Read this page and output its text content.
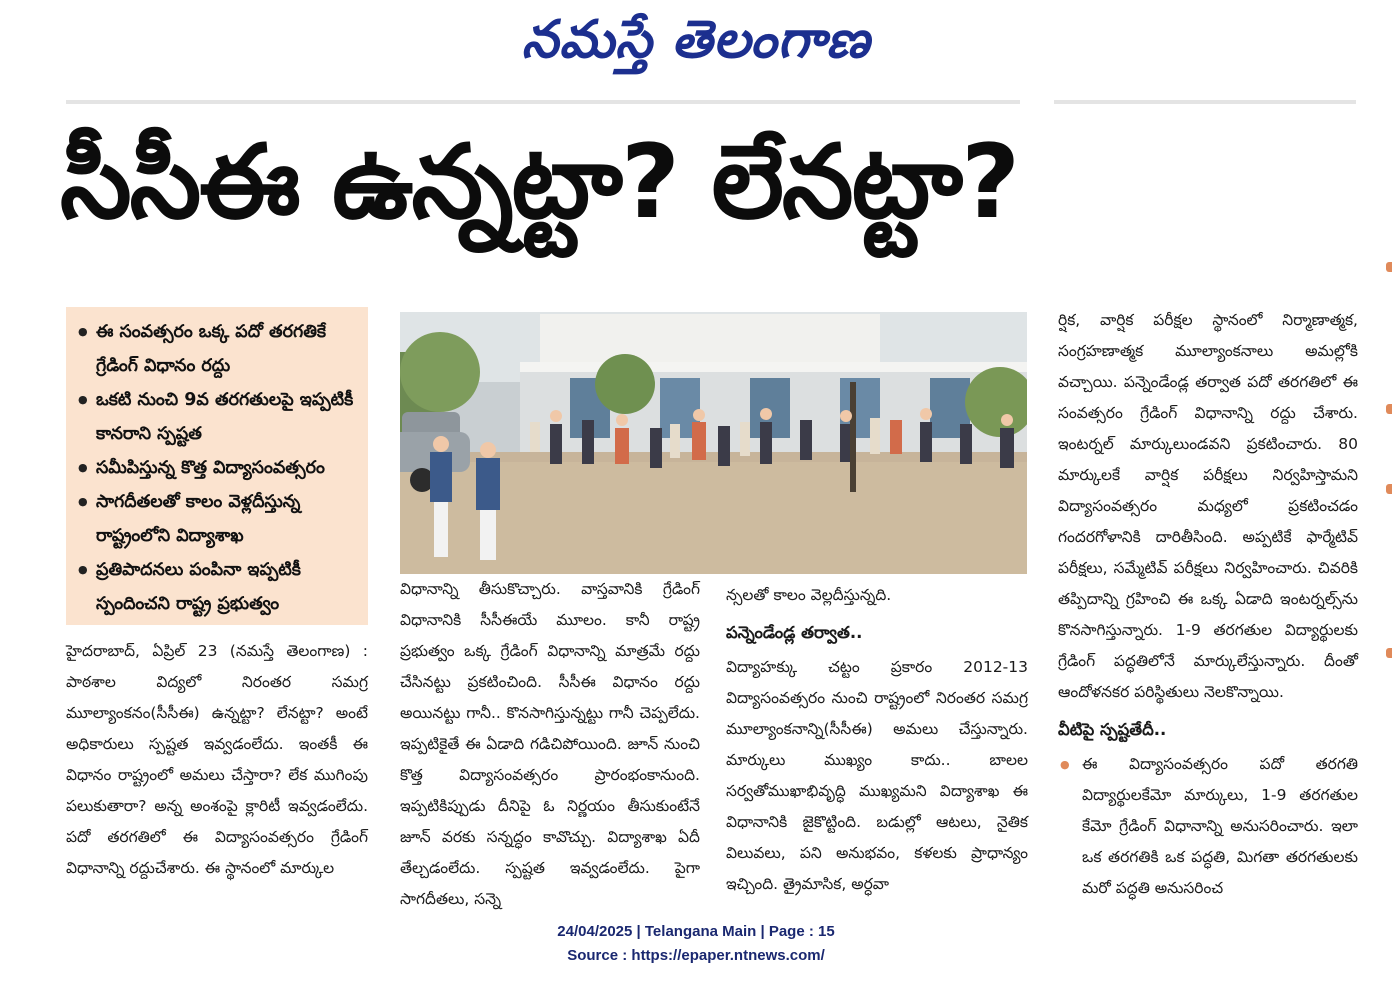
నమస్తే తెలంగాణ
సీసీఈ ఉన్నట్టా? లేనట్టా?
● ఈ సంవత్సరం ఒక్క పదో తరగతికే గ్రేడింగ్ విధానం రద్దు
● ఒకటి నుంచి 9వ తరగతులపై ఇప్పటికీ కానరాని స్పష్టత
● సమీపిస్తున్న కొత్త విద్యాసంవత్సరం
● సాగదీతలతో కాలం వెళ్లదీస్తున్న రాష్ట్రంలోని విద్యాశాఖ
● ప్రతిపాదనలు పంపినా ఇప్పటికీ స్పందించని రాష్ట్ర ప్రభుత్వం

హైదరాబాద్, ఏప్రిల్ 23 (నమస్తే తెలంగాణ) : పాఠశాల విద్యలో నిరంతర సమగ్ర మూల్యాంకనం(సీసీఈ) ఉన్నట్టా? లేనట్టా? అంటే అధికారులు స్పష్టత ఇవ్వడంలేదు. ఇంతకీ ఈ విధానం రాష్ట్రంలో అమలు చేస్తారా? లేక ముగింపు పలుకుతారా? అన్న అంశంపై క్లారిటీ ఇవ్వడంలేదు. పదో తరగతిలో ఈ విద్యాసంవత్సరం గ్రేడింగ్ విధానాన్ని రద్దుచేశారు. ఈ స్థానంలో మార్కుల

విధానాన్ని తీసుకొచ్చారు. వాస్తవానికి గ్రేడింగ్ విధానానికి సీసీఈయే మూలం. కానీ రాష్ట్ర ప్రభుత్వం ఒక్క గ్రేడింగ్ విధానాన్ని మాత్రమే రద్దు చేసినట్టు ప్రకటించింది. సీసీఈ విధానం రద్దు అయినట్టు గానీ.. కొనసాగిస్తున్నట్టు గానీ చెప్పలేదు. ఇప్పటికైతే ఈ ఏడాది గడిచిపోయింది. జూన్ నుంచి కొత్త విద్యాసంవత్సరం ప్రారంభంకానుంది. ఇప్పటికిప్పుడు దీనిపై ఓ నిర్ణయం తీసుకుంటేనే జూన్ వరకు సన్నద్ధం కావొచ్చు. విద్యాశాఖ ఏదీ తేల్చడంలేదు. స్పష్టత ఇవ్వడంలేదు. పైగా సాగదీతలు, సన్నె

న్సలతో కాలం వెల్లదీస్తున్నది.

పన్నెండేండ్ల తర్వాత..

విద్యాహక్కు చట్టం ప్రకారం 2012-13 విద్యాసంవత్సరం నుంచి రాష్ట్రంలో నిరంతర సమగ్ర మూల్యాంకనాన్ని(సీసీఈ) అమలు చేస్తున్నారు. మార్కులు ముఖ్యం కాదు.. బాలల సర్వతోముఖాభివృద్ధి ముఖ్యమని విద్యాశాఖ ఈ విధానానికి జైకొట్టింది. బడుల్లో ఆటలు, నైతిక విలువలు, పని అనుభవం, కళలకు ప్రాధాన్యం ఇచ్చింది. త్రైమాసిక, అర్ధవా

ర్షిక, వార్షిక పరీక్షల స్థానంలో నిర్మాణాత్మక, సంగ్రహణాత్మక మూల్యాంకనాలు అమల్లోకి వచ్చాయి. పన్నెండేండ్ల తర్వాత పదో తరగతిలో ఈ సంవత్సరం గ్రేడింగ్ విధానాన్ని రద్దు చేశారు. ఇంటర్నల్ మార్కులుండవని ప్రకటించారు. 80 మార్కులకే వార్షిక పరీక్షలు నిర్వహిస్తామని విద్యాసంవత్సరం మధ్యలో ప్రకటించడం గందరగోళానికి దారితీసింది. అప్పటికే ఫార్మేటివ్ పరీక్షలు, సమ్మేటివ్ పరీక్షలు నిర్వహించారు. చివరికి తప్పిదాన్ని గ్రహించి ఈ ఒక్క ఏడాది ఇంటర్నల్స్‌ను కొనసాగిస్తున్నారు. 1-9 తరగతుల విద్యార్థులకు గ్రేడింగ్ పద్ధతిలోనే మార్కులేస్తున్నారు. దీంతో ఆందోళనకర పరిస్థితులు నెలకొన్నాయి.

వీటిపై స్పష్టతేదీ..

● ఈ విద్యాసంవత్సరం పదో తరగతి విద్యార్థులకేమో మార్కులు, 1-9 తరగతుల కేమో గ్రేడింగ్ విధానాన్ని అనుసరించారు. ఇలా ఒక తరగతికి ఒక పద్ధతి, మిగతా తరగతులకు మరో పద్ధతి అనుసరించ

24/04/2025 | Telangana Main | Page : 15
Source : https://epaper.ntnews.com/
